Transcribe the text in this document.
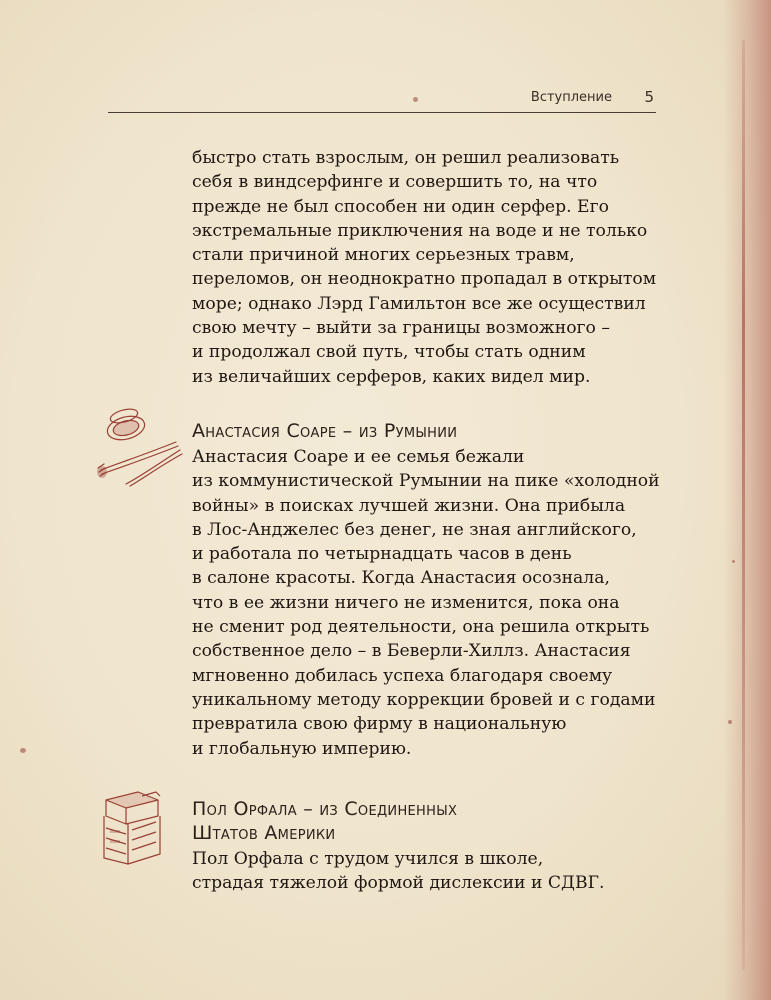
Вступление 5
быстро стать взрослым, он решил реализовать
себя в виндсерфинге и совершить то, на что
прежде не был способен ни один серфер. Его
экстремальные приключения на воде и не только
стали причиной многих серьезных травм,
переломов, он неоднократно пропадал в открытом
море; однако Лэрд Гамильтон все же осуществил
свою мечту – выйти за границы возможного –
и продолжал свой путь, чтобы стать одним
из величайших серферов, каких видел мир.
Анастасия Соаре – из Румынии
Анастасия Соаре и ее семья бежали
из коммунистической Румынии на пике «холодной
войны» в поисках лучшей жизни. Она прибыла
в Лос-Анджелес без денег, не зная английского,
и работала по четырнадцать часов в день
в салоне красоты. Когда Анастасия осознала,
что в ее жизни ничего не изменится, пока она
не сменит род деятельности, она решила открыть
собственное дело – в Беверли-Хиллз. Анастасия
мгновенно добилась успеха благодаря своему
уникальному методу коррекции бровей и с годами
превратила свою фирму в национальную
и глобальную империю.
Пол Орфала – из Соединенных
Штатов Америки
Пол Орфала с трудом учился в школе,
страдая тяжелой формой дислексии и СДВГ.
